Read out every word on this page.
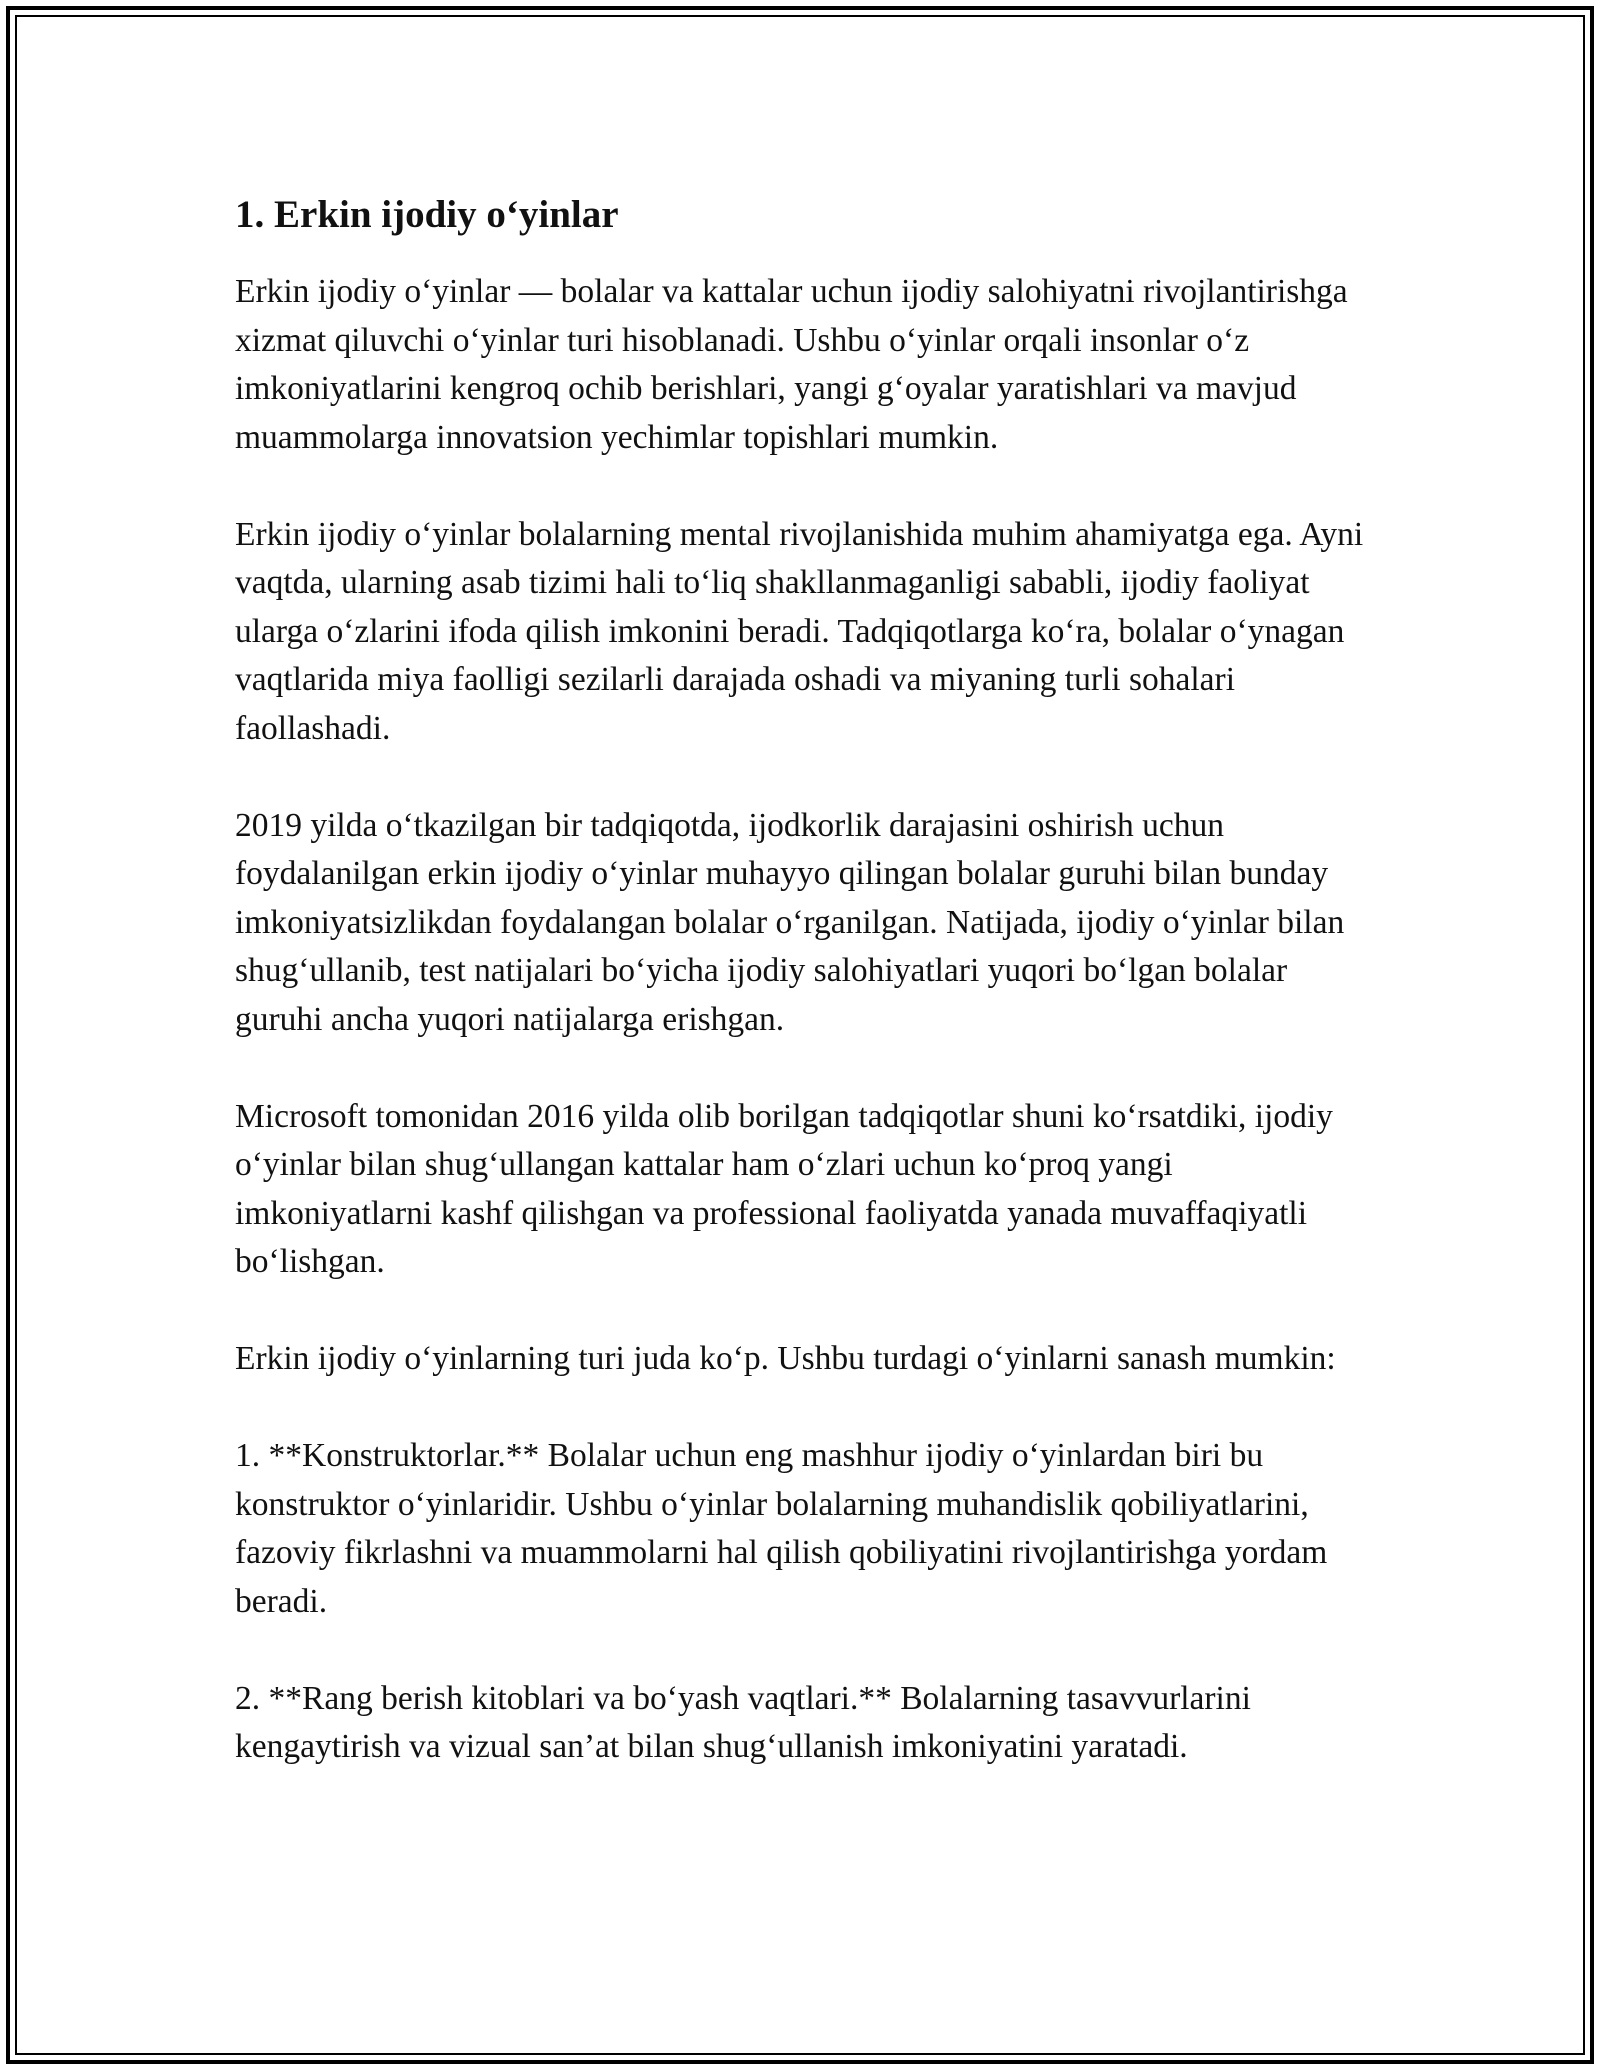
1. Erkin ijodiy o‘yinlar

Erkin ijodiy o‘yinlar — bolalar va kattalar uchun ijodiy salohiyatni rivojlantirishga xizmat qiluvchi o‘yinlar turi hisoblanadi. Ushbu o‘yinlar orqali insonlar o‘z imkoniyatlarini kengroq ochib berishlari, yangi g‘oyalar yaratishlari va mavjud muammolarga innovatsion yechimlar topishlari mumkin.

Erkin ijodiy o‘yinlar bolalarning mental rivojlanishida muhim ahamiyatga ega. Ayni vaqtda, ularning asab tizimi hali to‘liq shakllanmaganligi sababli, ijodiy faoliyat ularga o‘zlarini ifoda qilish imkonini beradi. Tadqiqotlarga ko‘ra, bolalar o‘ynagan vaqtlarida miya faolligi sezilarli darajada oshadi va miyaning turli sohalari faollashadi.

2019 yilda o‘tkazilgan bir tadqiqotda, ijodkorlik darajasini oshirish uchun foydalanilgan erkin ijodiy o‘yinlar muhayyo qilingan bolalar guruhi bilan bunday imkoniyatsizlikdan foydalangan bolalar o‘rganilgan. Natijada, ijodiy o‘yinlar bilan shug‘ullanib, test natijalari bo‘yicha ijodiy salohiyatlari yuqori bo‘lgan bolalar guruhi ancha yuqori natijalarga erishgan.

Microsoft tomonidan 2016 yilda olib borilgan tadqiqotlar shuni ko‘rsatdiki, ijodiy o‘yinlar bilan shug‘ullangan kattalar ham o‘zlari uchun ko‘proq yangi imkoniyatlarni kashf qilishgan va professional faoliyatda yanada muvaffaqiyatli bo‘lishgan.

Erkin ijodiy o‘yinlarning turi juda ko‘p. Ushbu turdagi o‘yinlarni sanash mumkin:

1. **Konstruktorlar.** Bolalar uchun eng mashhur ijodiy o‘yinlardan biri bu konstruktor o‘yinlaridir. Ushbu o‘yinlar bolalarning muhandislik qobiliyatlarini, fazoviy fikrlashni va muammolarni hal qilish qobiliyatini rivojlantirishga yordam beradi.

2. **Rang berish kitoblari va bo‘yash vaqtlari.** Bolalarning tasavvurlarini kengaytirish va vizual san’at bilan shug‘ullanish imkoniyatini yaratadi.
